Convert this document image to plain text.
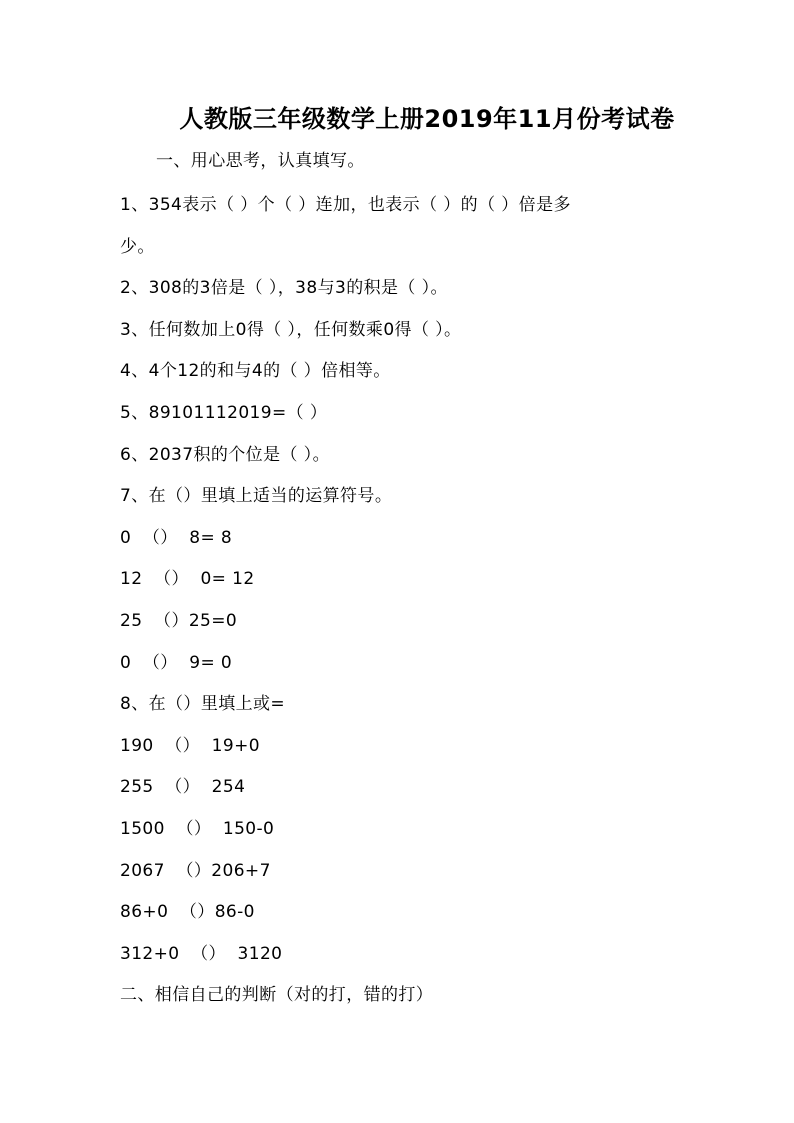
人教版三年级数学上册2019年11月份考试卷
一、用心思考，认真填写。
1、354表示（ ）个（ ）连加，也表示（ ）的（ ）倍是多
少。
2、308的3倍是（ ），38与3的积是（ ）。
3、任何数加上0得（ ），任何数乘0得（ ）。
4、4个12的和与4的（ ）倍相等。
5、89101112019=（ ）
6、2037积的个位是（ ）。
7、在（）里填上适当的运算符号。
0  （）  8= 8
12  （）  0= 12
25  （）25=0
0  （）  9= 0
8、在（）里填上或=
190  （）  19+0
255  （）  254
1500  （）  150-0
2067  （）206+7
86+0  （）86-0
312+0  （）  3120
二、相信自己的判断（对的打，错的打）
